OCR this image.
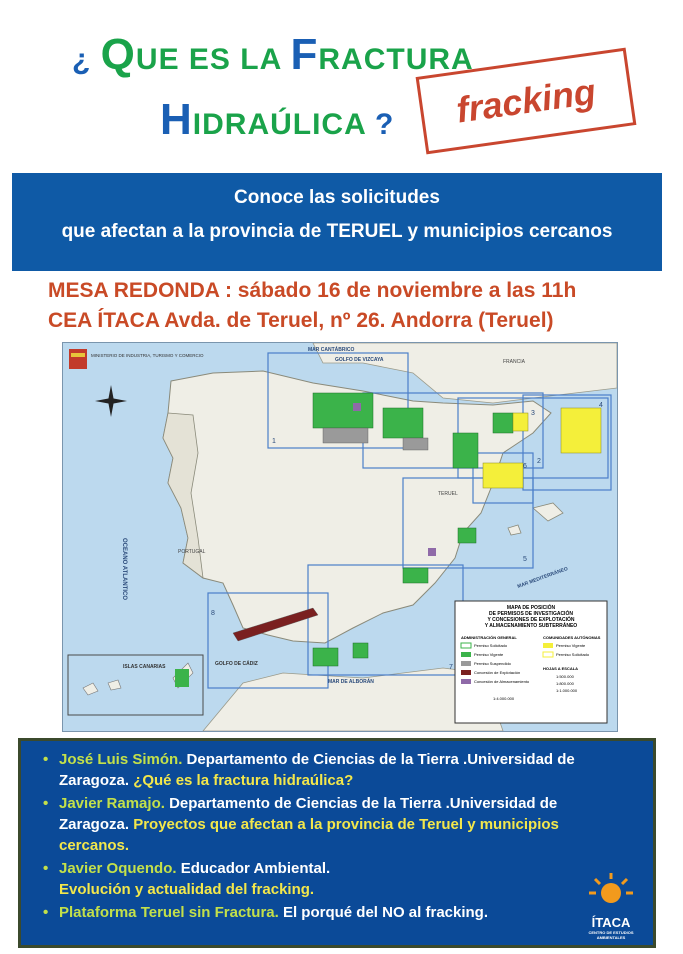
¿ QUE ES LA FRACTURA
HIDRAÚLICA ? fracking
Conoce las solicitudes
que afectan a la provincia de TERUEL y municipios cercanos
MESA REDONDA : sábado 16 de noviembre a las 11h
CEA ÍTACA Avda. de Teruel, nº 26. Andorra (Teruel)
MINISTERIO DE INDUSTRIA, TURISMO Y COMERCIO
MAPA DE POSICIÓN
DE PERMISOS DE INVESTIGACIÓN
Y CONCESIONES DE EXPLOTACIÓN
Y ALMACENAMIENTO SUBTERRÁNEO
ADMINISTRACIÓN GENERAL	COMUNIDADES AUTÓNOMAS
Permiso Solicitado
Permiso Vigente
Permiso Suspendido
Concesión de Explotación
Concesión de Almacenamiento
Permiso Vigente
Permiso Solicitado
HOJAS A ESCALA
1:500.000
1:800.000
1:1.000.000
1:4.000.000
MAR CANTÁBRICO
GOLFO DE VIZCAYA
OCEANO ATLANTICO	MAR MEDITERRÁNEO
MAR DE ALBORÁN
ISLAS CANARIAS	GOLFO DE CÁDIZ
PORTUGAL
FRANCIA
TERUEL
1
2
3
4
5
6
7
8
• José Luis Simón. Departamento de Ciencias de la Tierra .Universidad de Zaragoza. ¿Qué es la fractura hidraúlica?
• Javier Ramajo. Departamento de Ciencias de la Tierra .Universidad de Zaragoza. Proyectos que afectan a la provincia de Teruel y municipios cercanos.
• Javier Oquendo. Educador Ambiental.
Evolución y actualidad del fracking.
• Plataforma Teruel sin Fractura. El porqué del NO al fracking.
ÍTACA
CENTRO DE ESTUDIOS AMBIENTALES
